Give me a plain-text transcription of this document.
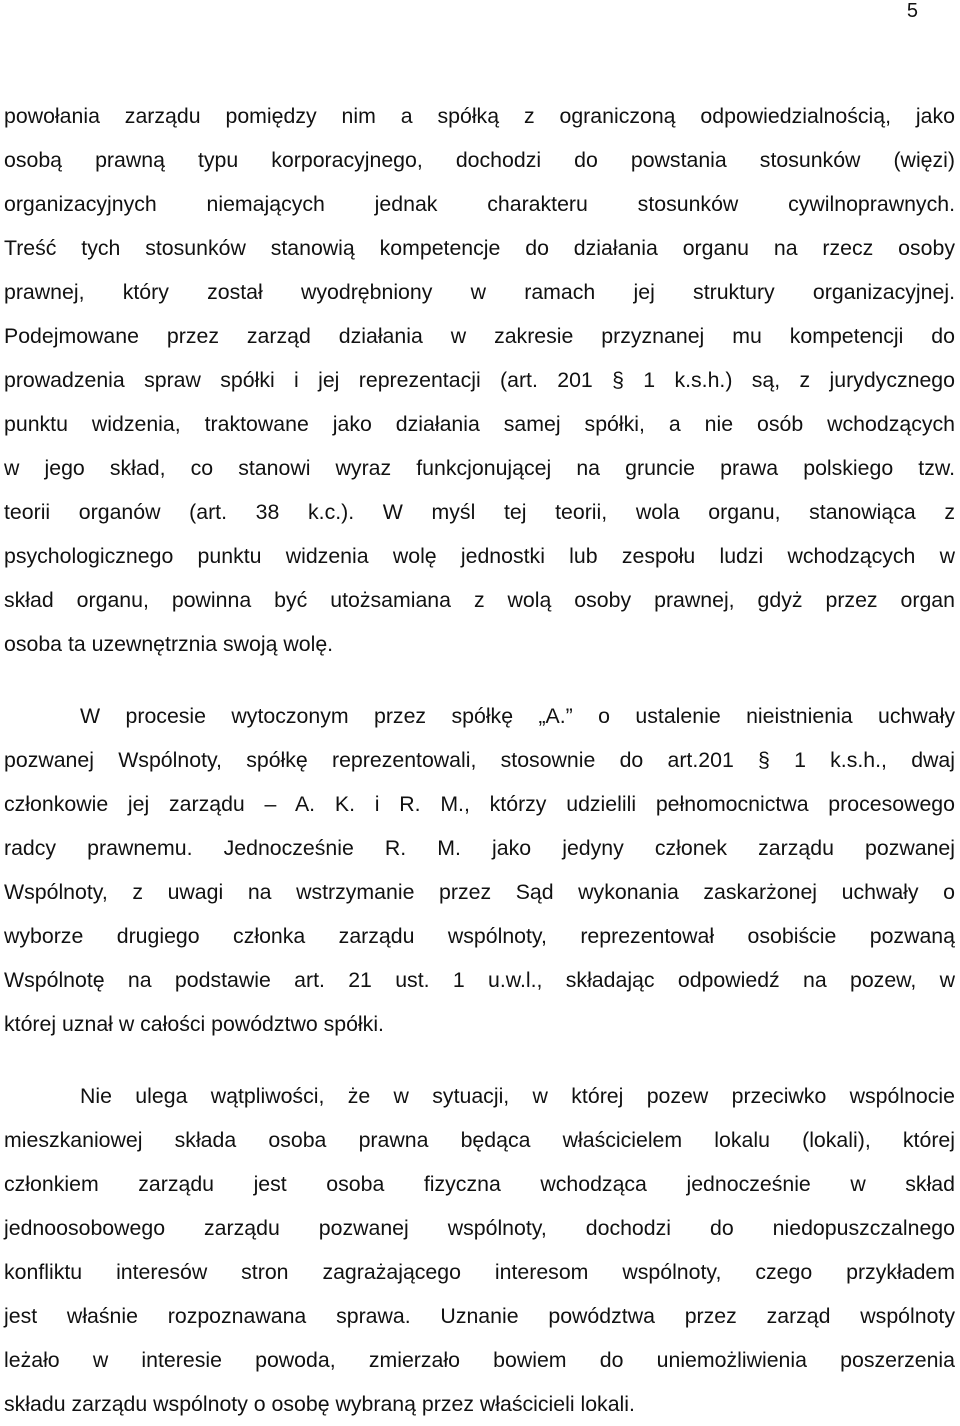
5
powołania zarządu pomiędzy nim a spółką z ograniczoną odpowiedzialnością, jako
osobą prawną typu korporacyjnego, dochodzi do powstania stosunków (więzi)
organizacyjnych niemających jednak charakteru stosunków cywilnoprawnych.
Treść tych stosunków stanowią kompetencje do działania organu na rzecz osoby
prawnej, który został wyodrębniony w ramach jej struktury organizacyjnej.
Podejmowane przez zarząd działania w zakresie przyznanej mu kompetencji do
prowadzenia spraw spółki i jej reprezentacji (art. 201 § 1 k.s.h.) są, z jurydycznego
punktu widzenia, traktowane jako działania samej spółki, a nie osób wchodzących
w jego skład, co stanowi wyraz funkcjonującej na gruncie prawa polskiego tzw.
teorii organów (art. 38 k.c.). W myśl tej teorii, wola organu, stanowiąca z
psychologicznego punktu widzenia wolę jednostki lub zespołu ludzi wchodzących w
skład organu, powinna być utożsamiana z wolą osoby prawnej, gdyż przez organ
osoba ta uzewnętrznia swoją wolę.
W procesie wytoczonym przez spółkę „A.” o ustalenie nieistnienia uchwały
pozwanej Wspólnoty, spółkę reprezentowali, stosownie do art.201 § 1 k.s.h., dwaj
członkowie jej zarządu – A. K. i R. M., którzy udzielili pełnomocnictwa procesowego
radcy prawnemu. Jednocześnie R. M. jako jedyny członek zarządu pozwanej
Wspólnoty, z uwagi na wstrzymanie przez Sąd wykonania zaskarżonej uchwały o
wyborze drugiego członka zarządu wspólnoty, reprezentował osobiście pozwaną
Wspólnotę na podstawie art. 21 ust. 1 u.w.l., składając odpowiedź na pozew, w
której uznał w całości powództwo spółki.
Nie ulega wątpliwości, że w sytuacji, w której pozew przeciwko wspólnocie
mieszkaniowej składa osoba prawna będąca właścicielem lokalu (lokali), której
członkiem zarządu jest osoba fizyczna wchodząca jednocześnie w skład
jednoosobowego zarządu pozwanej wspólnoty, dochodzi do niedopuszczalnego
konfliktu interesów stron zagrażającego interesom wspólnoty, czego przykładem
jest właśnie rozpoznawana sprawa. Uznanie powództwa przez zarząd wspólnoty
leżało w interesie powoda, zmierzało bowiem do uniemożliwienia poszerzenia
składu zarządu wspólnoty o osobę wybraną przez właścicieli lokali.
